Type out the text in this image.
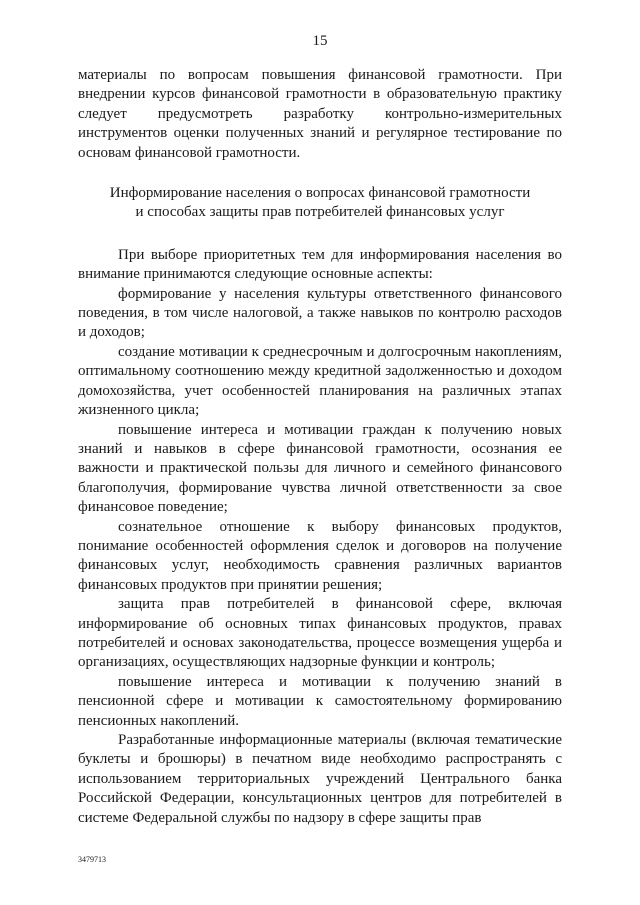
15

материалы по вопросам повышения финансовой грамотности. При внедрении курсов финансовой грамотности в образовательную практику следует предусмотреть разработку контрольно-измерительных инструментов оценки полученных знаний и регулярное тестирование по основам финансовой грамотности.

Информирование населения о вопросах финансовой грамотности
и способах защиты прав потребителей финансовых услуг

При выборе приоритетных тем для информирования населения во внимание принимаются следующие основные аспекты:

формирование у населения культуры ответственного финансового поведения, в том числе налоговой, а также навыков по контролю расходов и доходов;

создание мотивации к среднесрочным и долгосрочным накоплениям, оптимальному соотношению между кредитной задолженностью и доходом домохозяйства, учет особенностей планирования на различных этапах жизненного цикла;

повышение интереса и мотивации граждан к получению новых знаний и навыков в сфере финансовой грамотности, осознания ее важности и практической пользы для личного и семейного финансового благополучия, формирование чувства личной ответственности за свое финансовое поведение;

сознательное отношение к выбору финансовых продуктов, понимание особенностей оформления сделок и договоров на получение финансовых услуг, необходимость сравнения различных вариантов финансовых продуктов при принятии решения;

защита прав потребителей в финансовой сфере, включая информирование об основных типах финансовых продуктов, правах потребителей и основах законодательства, процессе возмещения ущерба и организациях, осуществляющих надзорные функции и контроль;

повышение интереса и мотивации к получению знаний в пенсионной сфере и мотивации к самостоятельному формированию пенсионных накоплений.

Разработанные информационные материалы (включая тематические буклеты и брошюры) в печатном виде необходимо распространять с использованием территориальных учреждений Центрального банка Российской Федерации, консультационных центров для потребителей в системе Федеральной службы по надзору в сфере защиты прав

3479713
